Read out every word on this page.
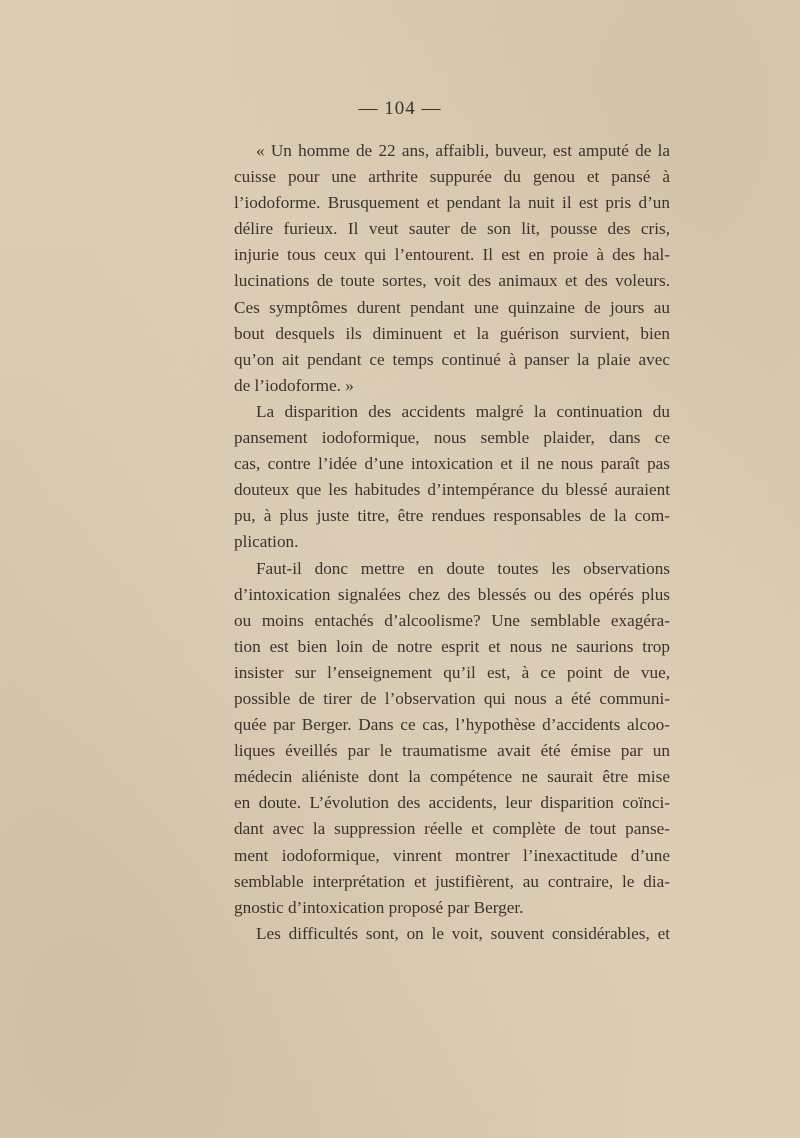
— 104 —
« Un homme de 22 ans, affaibli, buveur, est amputé de la
cuisse pour une arthrite suppurée du genou et pansé à
l’iodoforme. Brusquement et pendant la nuit il est pris d’un
délire furieux. Il veut sauter de son lit, pousse des cris,
injurie tous ceux qui l’entourent. Il est en proie à des hal-
lucinations de toute sortes, voit des animaux et des voleurs.
Ces symptômes durent pendant une quinzaine de jours au
bout desquels ils diminuent et la guérison survient, bien
qu’on ait pendant ce temps continué à panser la plaie avec
de l’iodoforme. »
La disparition des accidents malgré la continuation du
pansement iodoformique, nous semble plaider, dans ce
cas, contre l’idée d’une intoxication et il ne nous paraît pas
douteux que les habitudes d’intempérance du blessé auraient
pu, à plus juste titre, être rendues responsables de la com-
plication.
Faut-il donc mettre en doute toutes les observations
d’intoxication signalées chez des blessés ou des opérés plus
ou moins entachés d’alcoolisme? Une semblable exagéra-
tion est bien loin de notre esprit et nous ne saurions trop
insister sur l’enseignement qu’il est, à ce point de vue,
possible de tirer de l’observation qui nous a été communi-
quée par Berger. Dans ce cas, l’hypothèse d’accidents alcoo-
liques éveillés par le traumatisme avait été émise par un
médecin aliéniste dont la compétence ne saurait être mise
en doute. L’évolution des accidents, leur disparition coïnci-
dant avec la suppression réelle et complète de tout panse-
ment iodoformique, vinrent montrer l’inexactitude d’une
semblable interprétation et justifièrent, au contraire, le dia-
gnostic d’intoxication proposé par Berger.
Les difficultés sont, on le voit, souvent considérables, et
